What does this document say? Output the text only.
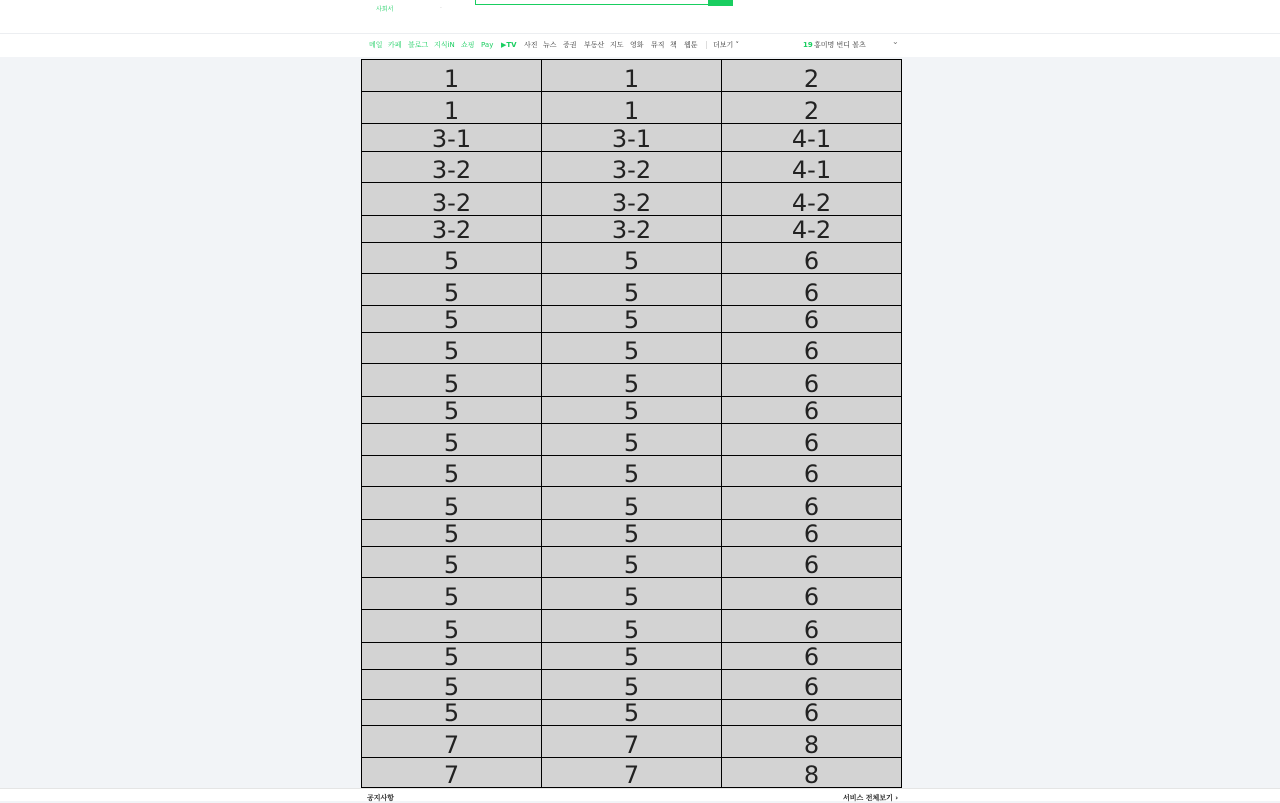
사회서	·
메일 카페 블로그 지식iN 쇼핑 Pay ▶TV 사진 뉴스 증권 부동산 지도 영화 뮤직 책 웹툰 더보기 ˅	19 홍미명 번디 볼츠	⌄
1	1	2
1	1	2
3-1	3-1	4-1
3-2	3-2	4-1
3-2	3-2	4-2
3-2	3-2	4-2
5	5	6
5	5	6
5	5	6
5	5	6
5	5	6
5	5	6
5	5	6
5	5	6
5	5	6
5	5	6
5	5	6
5	5	6
5	5	6
5	5	6
5	5	6
5	5	6
7	7	8
7	7	8
공지사항	서비스 전체보기 ›
